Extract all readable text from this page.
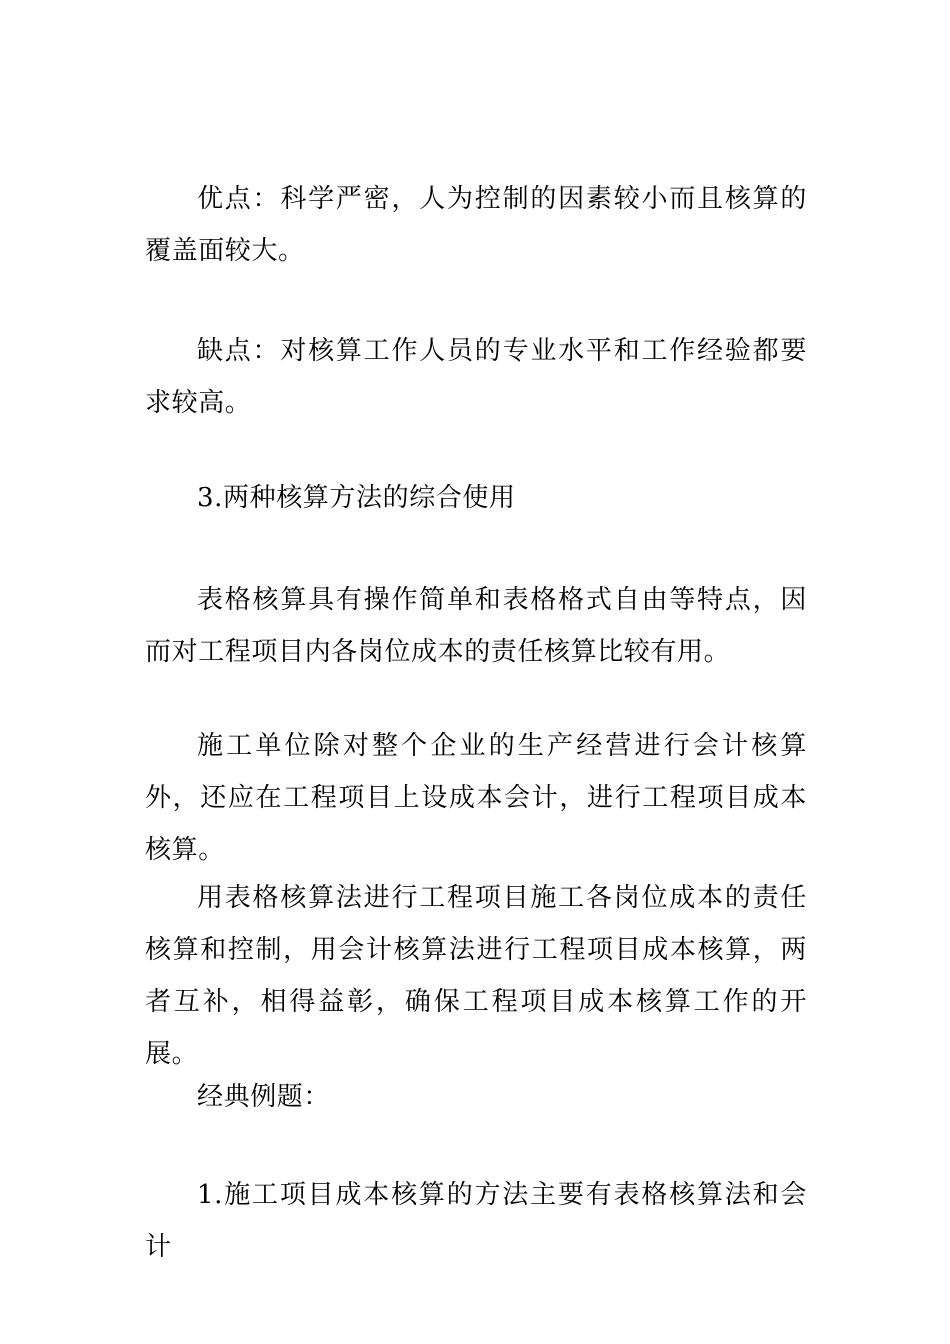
优点：科学严密，人为控制的因素较小而且核算的覆盖面较大。

缺点：对核算工作人员的专业水平和工作经验都要求较高。

3.两种核算方法的综合使用

表格核算具有操作简单和表格格式自由等特点，因而对工程项目内各岗位成本的责任核算比较有用。

施工单位除对整个企业的生产经营进行会计核算外，还应在工程项目上设成本会计，进行工程项目成本核算。

用表格核算法进行工程项目施工各岗位成本的责任核算和控制，用会计核算法进行工程项目成本核算，两者互补，相得益彰，确保工程项目成本核算工作的开展。

经典例题：

1.施工项目成本核算的方法主要有表格核算法和会计
